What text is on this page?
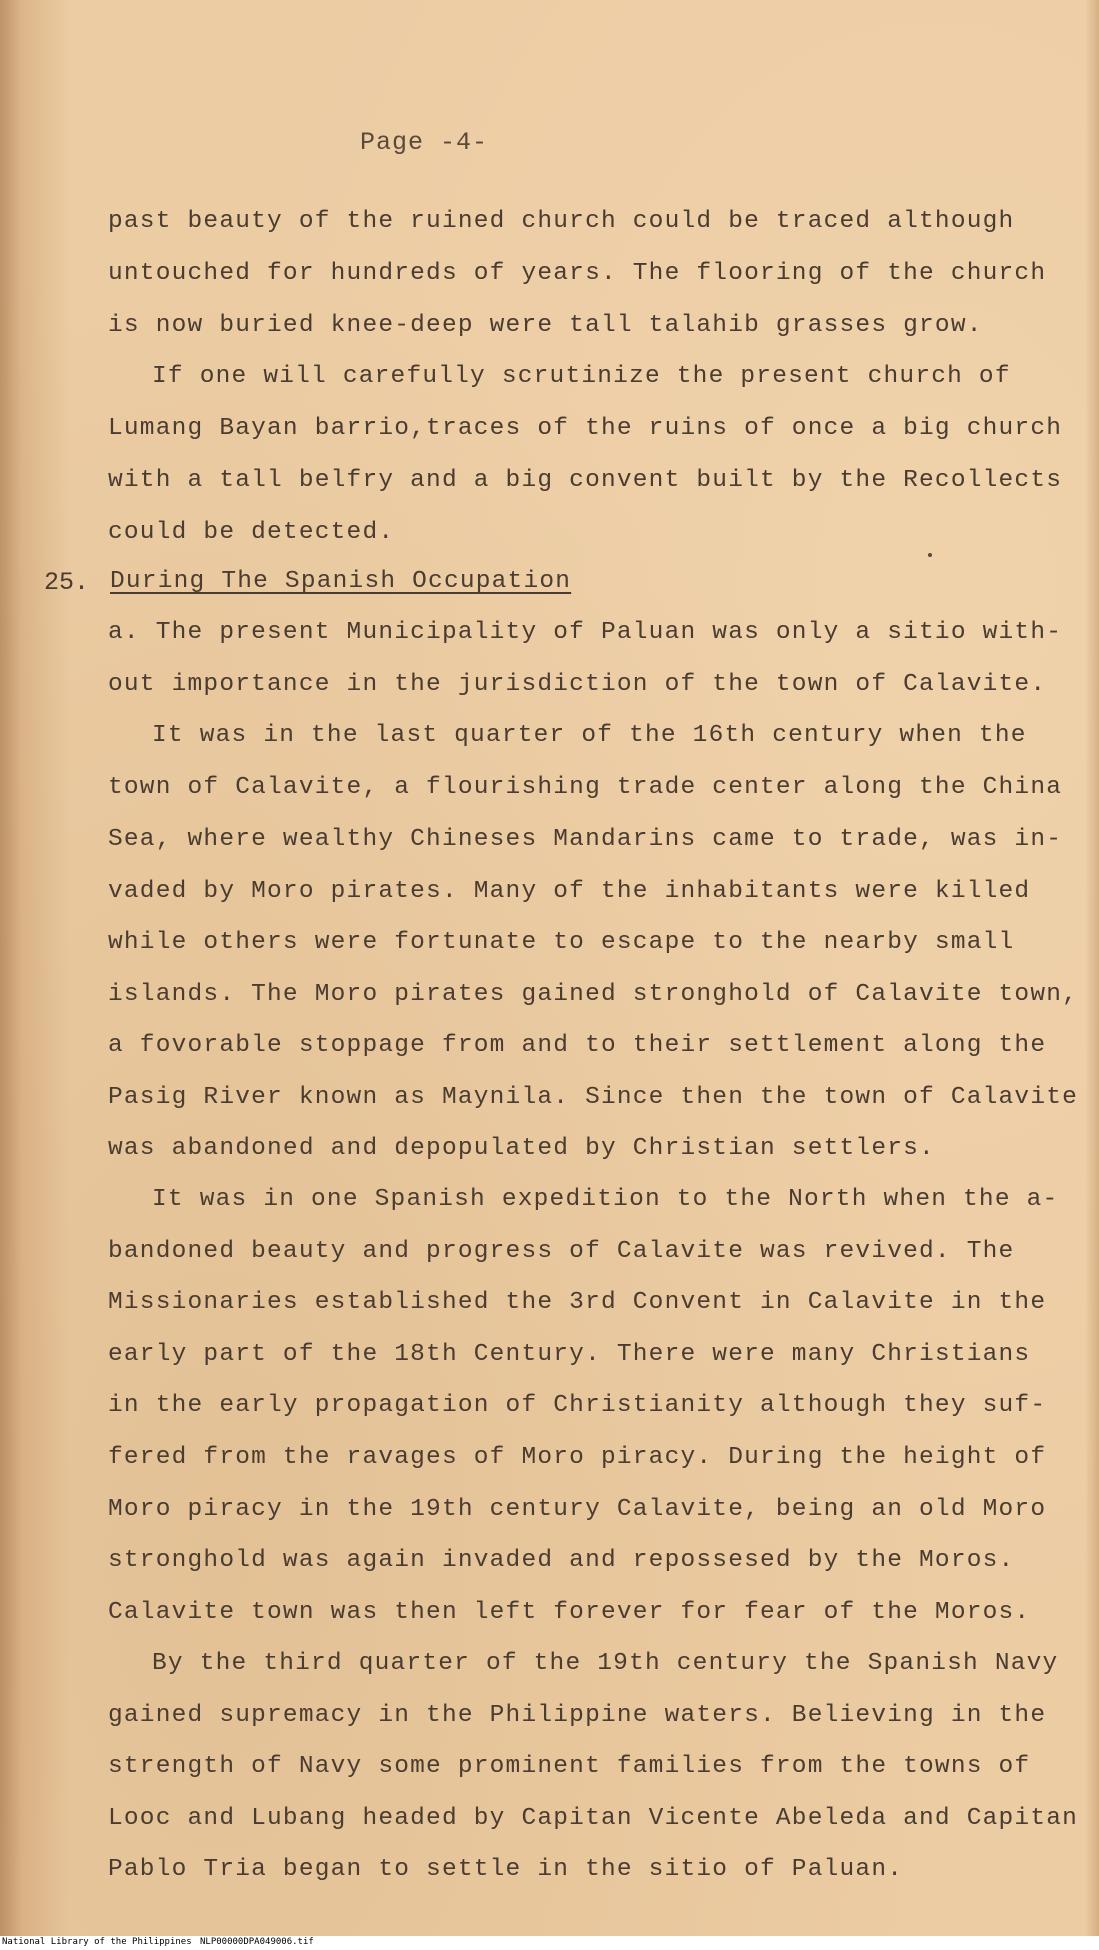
Page -4-
past beauty of the ruined church could be traced although
untouched for hundreds of years. The flooring of the church
is now buried knee-deep were tall talahib grasses grow.
If one will carefully scrutinize the present church of
Lumang Bayan barrio,traces of the ruins of once a big church
with a tall belfry and a big convent built by the Recollects
could be detected.
25. During The Spanish Occupation
a. The present Municipality of Paluan was only a sitio with-
out importance in the jurisdiction of the town of Calavite.
It was in the last quarter of the 16th century when the
town of Calavite, a flourishing trade center along the China
Sea, where wealthy Chineses Mandarins came to trade, was in-
vaded by Moro pirates. Many of the inhabitants were killed
while others were fortunate to escape to the nearby small
islands. The Moro pirates gained stronghold of Calavite town,
a fovorable stoppage from and to their settlement along the
Pasig River known as Maynila. Since then the town of Calavite
was abandoned and depopulated by Christian settlers.
It was in one Spanish expedition to the North when the a-
bandoned beauty and progress of Calavite was revived. The
Missionaries established the 3rd Convent in Calavite in the
early part of the 18th Century. There were many Christians
in the early propagation of Christianity although they suf-
fered from the ravages of Moro piracy. During the height of
Moro piracy in the 19th century Calavite, being an old Moro
stronghold was again invaded and repossesed by the Moros.
Calavite town was then left forever for fear of the Moros.
By the third quarter of the 19th century the Spanish Navy
gained supremacy in the Philippine waters. Believing in the
strength of Navy some prominent families from the towns of
Looc and Lubang headed by Capitan Vicente Abeleda and Capitan
Pablo Tria began to settle in the sitio of Paluan.
National Library of the Philippines NLP00000DPA049006.tif
